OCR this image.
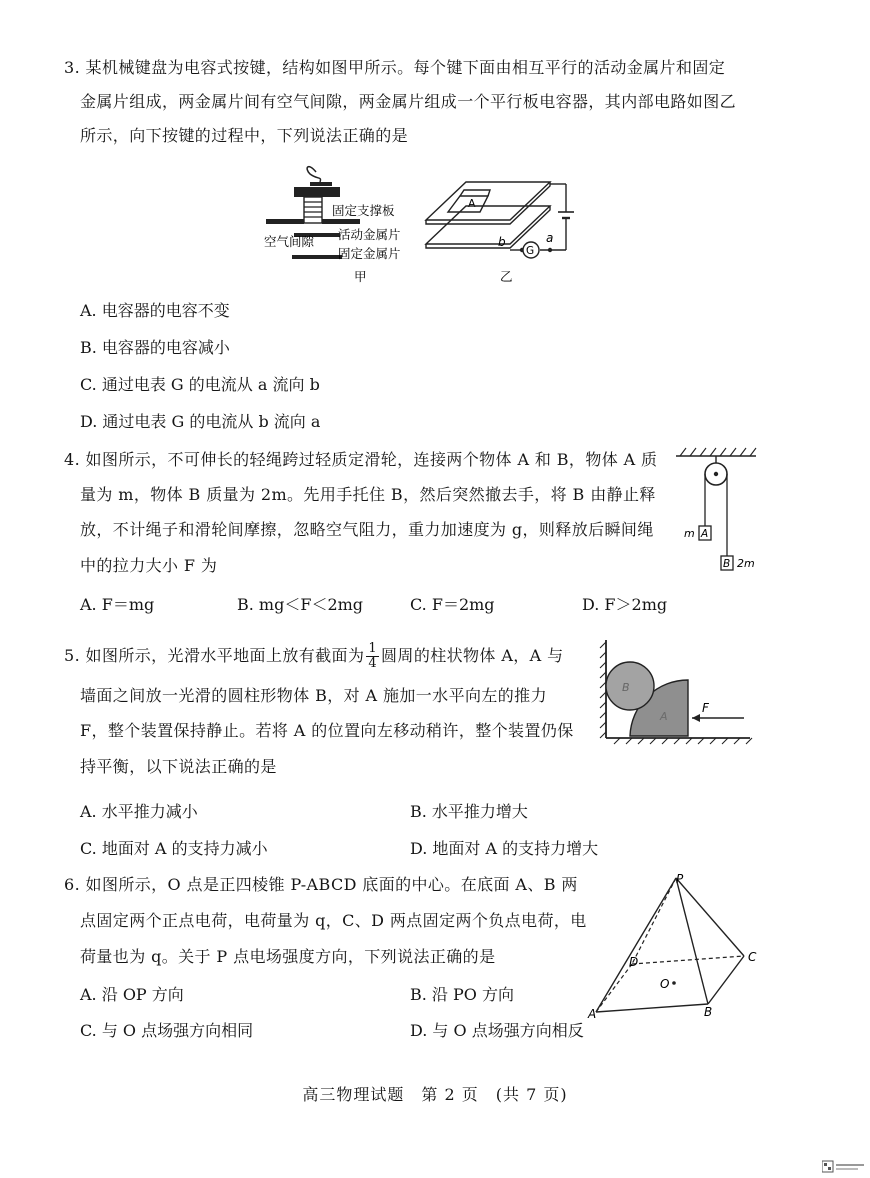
3. 某机械键盘为电容式按键，结构如图甲所示。每个键下面由相互平行的活动金属片和固定
金属片组成，两金属片间有空气间隙，两金属片组成一个平行板电容器，其内部电路如图乙
所示，向下按键的过程中，下列说法正确的是
固定支撑板
空气间隙 活动金属片
固定金属片
甲
A
G
b	a
乙
A. 电容器的电容不变
B. 电容器的电容减小
C. 通过电表 G 的电流从 a 流向 b
D. 通过电表 G 的电流从 b 流向 a
4. 如图所示，不可伸长的轻绳跨过轻质定滑轮，连接两个物体 A 和 B，物体 A 质
量为 m，物体 B 质量为 2m。先用手托住 B，然后突然撤去手，将 B 由静止释
放，不计绳子和滑轮间摩擦，忽略空气阻力，重力加速度为 g，则释放后瞬间绳
中的拉力大小 F 为
A
m
B 2m
A. F＝mg	B. mg＜F＜2mg	C. F＝2mg	D. F＞2mg
5. 如图所示，光滑水平地面上放有截面为 $\frac{1}{4}$ 圆周的柱状物体 A，A 与
墙面之间放一光滑的圆柱形物体 B，对 A 施加一水平向左的推力
F，整个装置保持静止。若将 A 的位置向左移动稍许，整个装置仍保
持平衡，以下说法正确的是
B
A
F
A. 水平推力减小	B. 水平推力增大
C. 地面对 A 的支持力减小	D. 地面对 A 的支持力增大
6. 如图所示，O 点是正四棱锥 P-ABCD 底面的中心。在底面 A、B 两
点固定两个正点电荷，电荷量为 q，C、D 两点固定两个负点电荷，电
荷量也为 q。关于 P 点电场强度方向，下列说法正确的是
P
A	B
C
D
O
A. 沿 OP 方向	B. 沿 PO 方向
C. 与 O 点场强方向相同	D. 与 O 点场强方向相反
高三物理试题　第 2 页　(共 7 页)
